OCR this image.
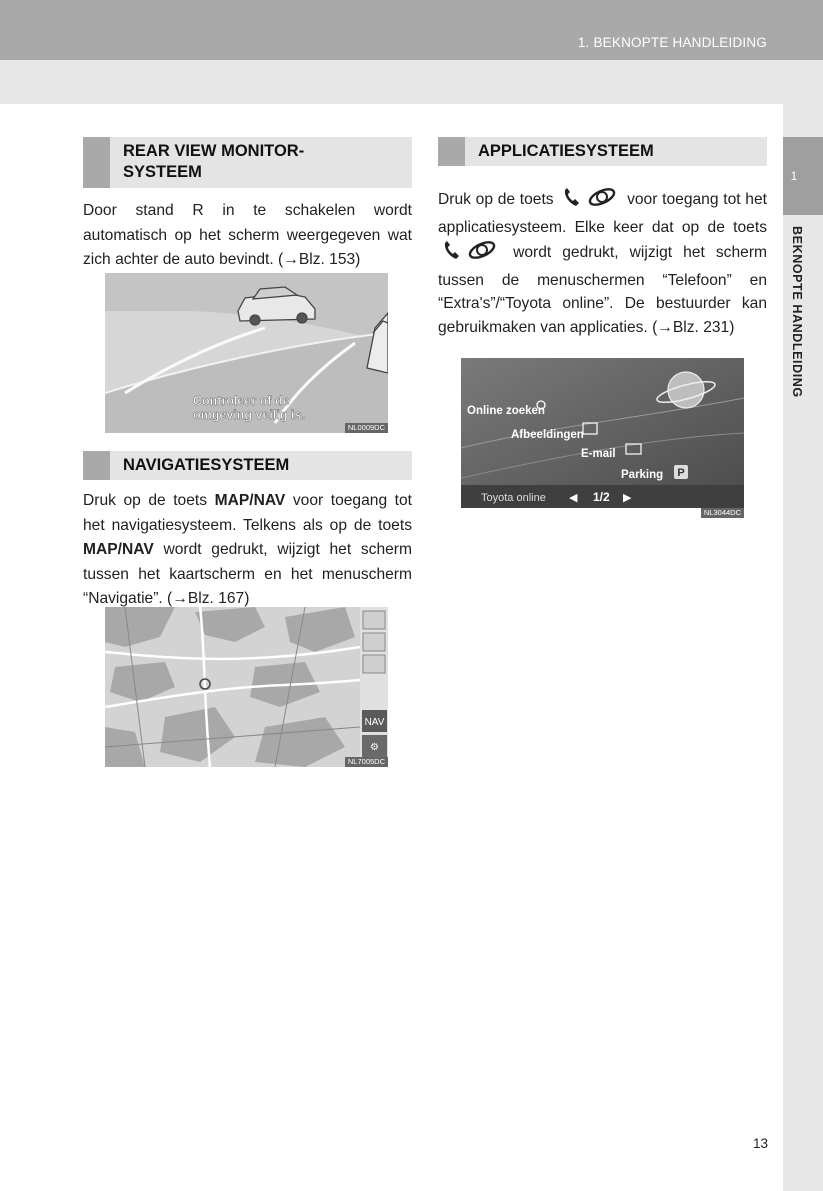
1. BEKNOPTE HANDLEIDING
1
BEKNOPTE HANDLEIDING
REAR VIEW MONITOR-
SYSTEEM
Door stand R in te schakelen wordt automatisch op het scherm weergegeven wat zich achter de auto bevindt. (→Blz. 153)
Controleer of de
omgeving veilig is.
NL0009DC
NAVIGATIESYSTEEM
Druk op de toets MAP/NAV voor toegang tot het navigatiesysteem. Telkens als op de toets MAP/NAV wordt gedrukt, wijzigt het scherm tussen het kaartscherm en het menuscherm “Navigatie”. (→Blz. 167)
NAV
⚙
NL7005DC
APPLICATIESYSTEEM
Druk op de toets	voor toegang tot het applicatiesysteem. Elke keer dat op de toets  wordt gedrukt, wijzigt het scherm tussen de menuschermen “Telefoon” en “Extra's”/“Toyota online”. De bestuurder kan gebruikmaken van applicaties. (→Blz. 231)
Online zoeken
Afbeeldingen
E-mail
Parking P
Toyota online ◀ 1/2 ▶
NL3044DC
13
